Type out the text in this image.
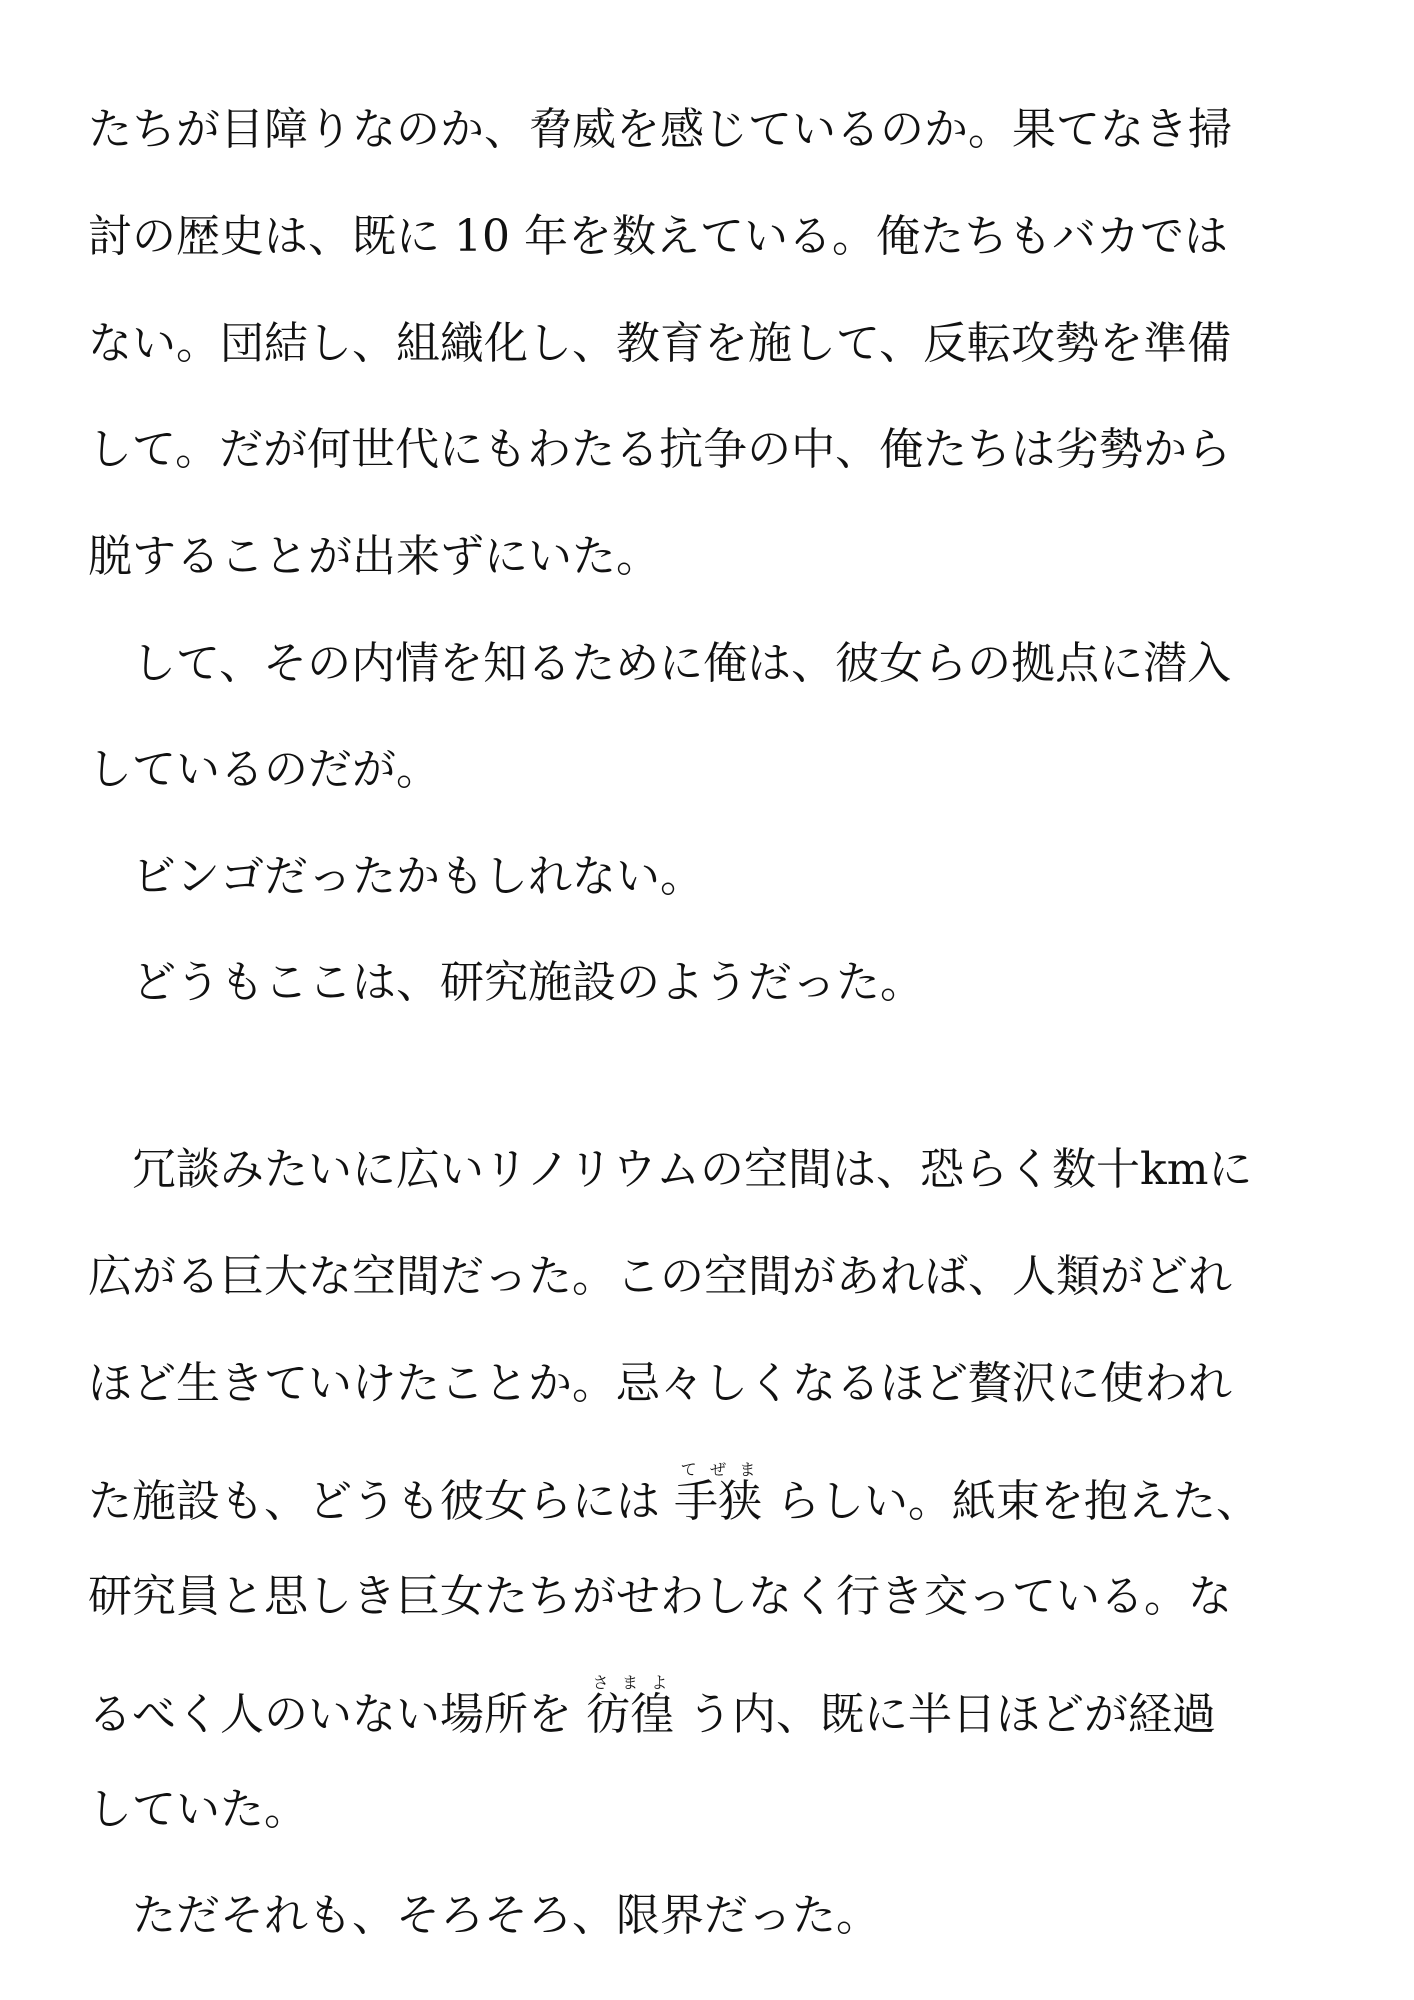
たちが目障りなのか、脅威を感じているのか。果てなき掃

討の歴史は、既に 10 年を数えている。俺たちもバカでは

ない。団結し、組織化し、教育を施して、反転攻勢を準備

して。だが何世代にもわたる抗争の中、俺たちは劣勢から

脱することが出来ずにいた。

して、その内情を知るために俺は、彼女らの拠点に潜入

しているのだが。

ビンゴだったかもしれない。

どうもここは、研究施設のようだった。

冗談みたいに広いリノリウムの空間は、恐らく数十kmに

広がる巨大な空間だった。この空間があれば、人類がどれ

ほど生きていけたことか。忌々しくなるほど贅沢に使われ

た施設も、どうも彼女らには 手狭てぜまらしい。紙束を抱えた、

研究員と思しき巨女たちがせわしなく行き交っている。な

るべく人のいない場所を 彷徨さまよう内、既に半日ほどが経過

していた。

ただそれも、そろそろ、限界だった。
